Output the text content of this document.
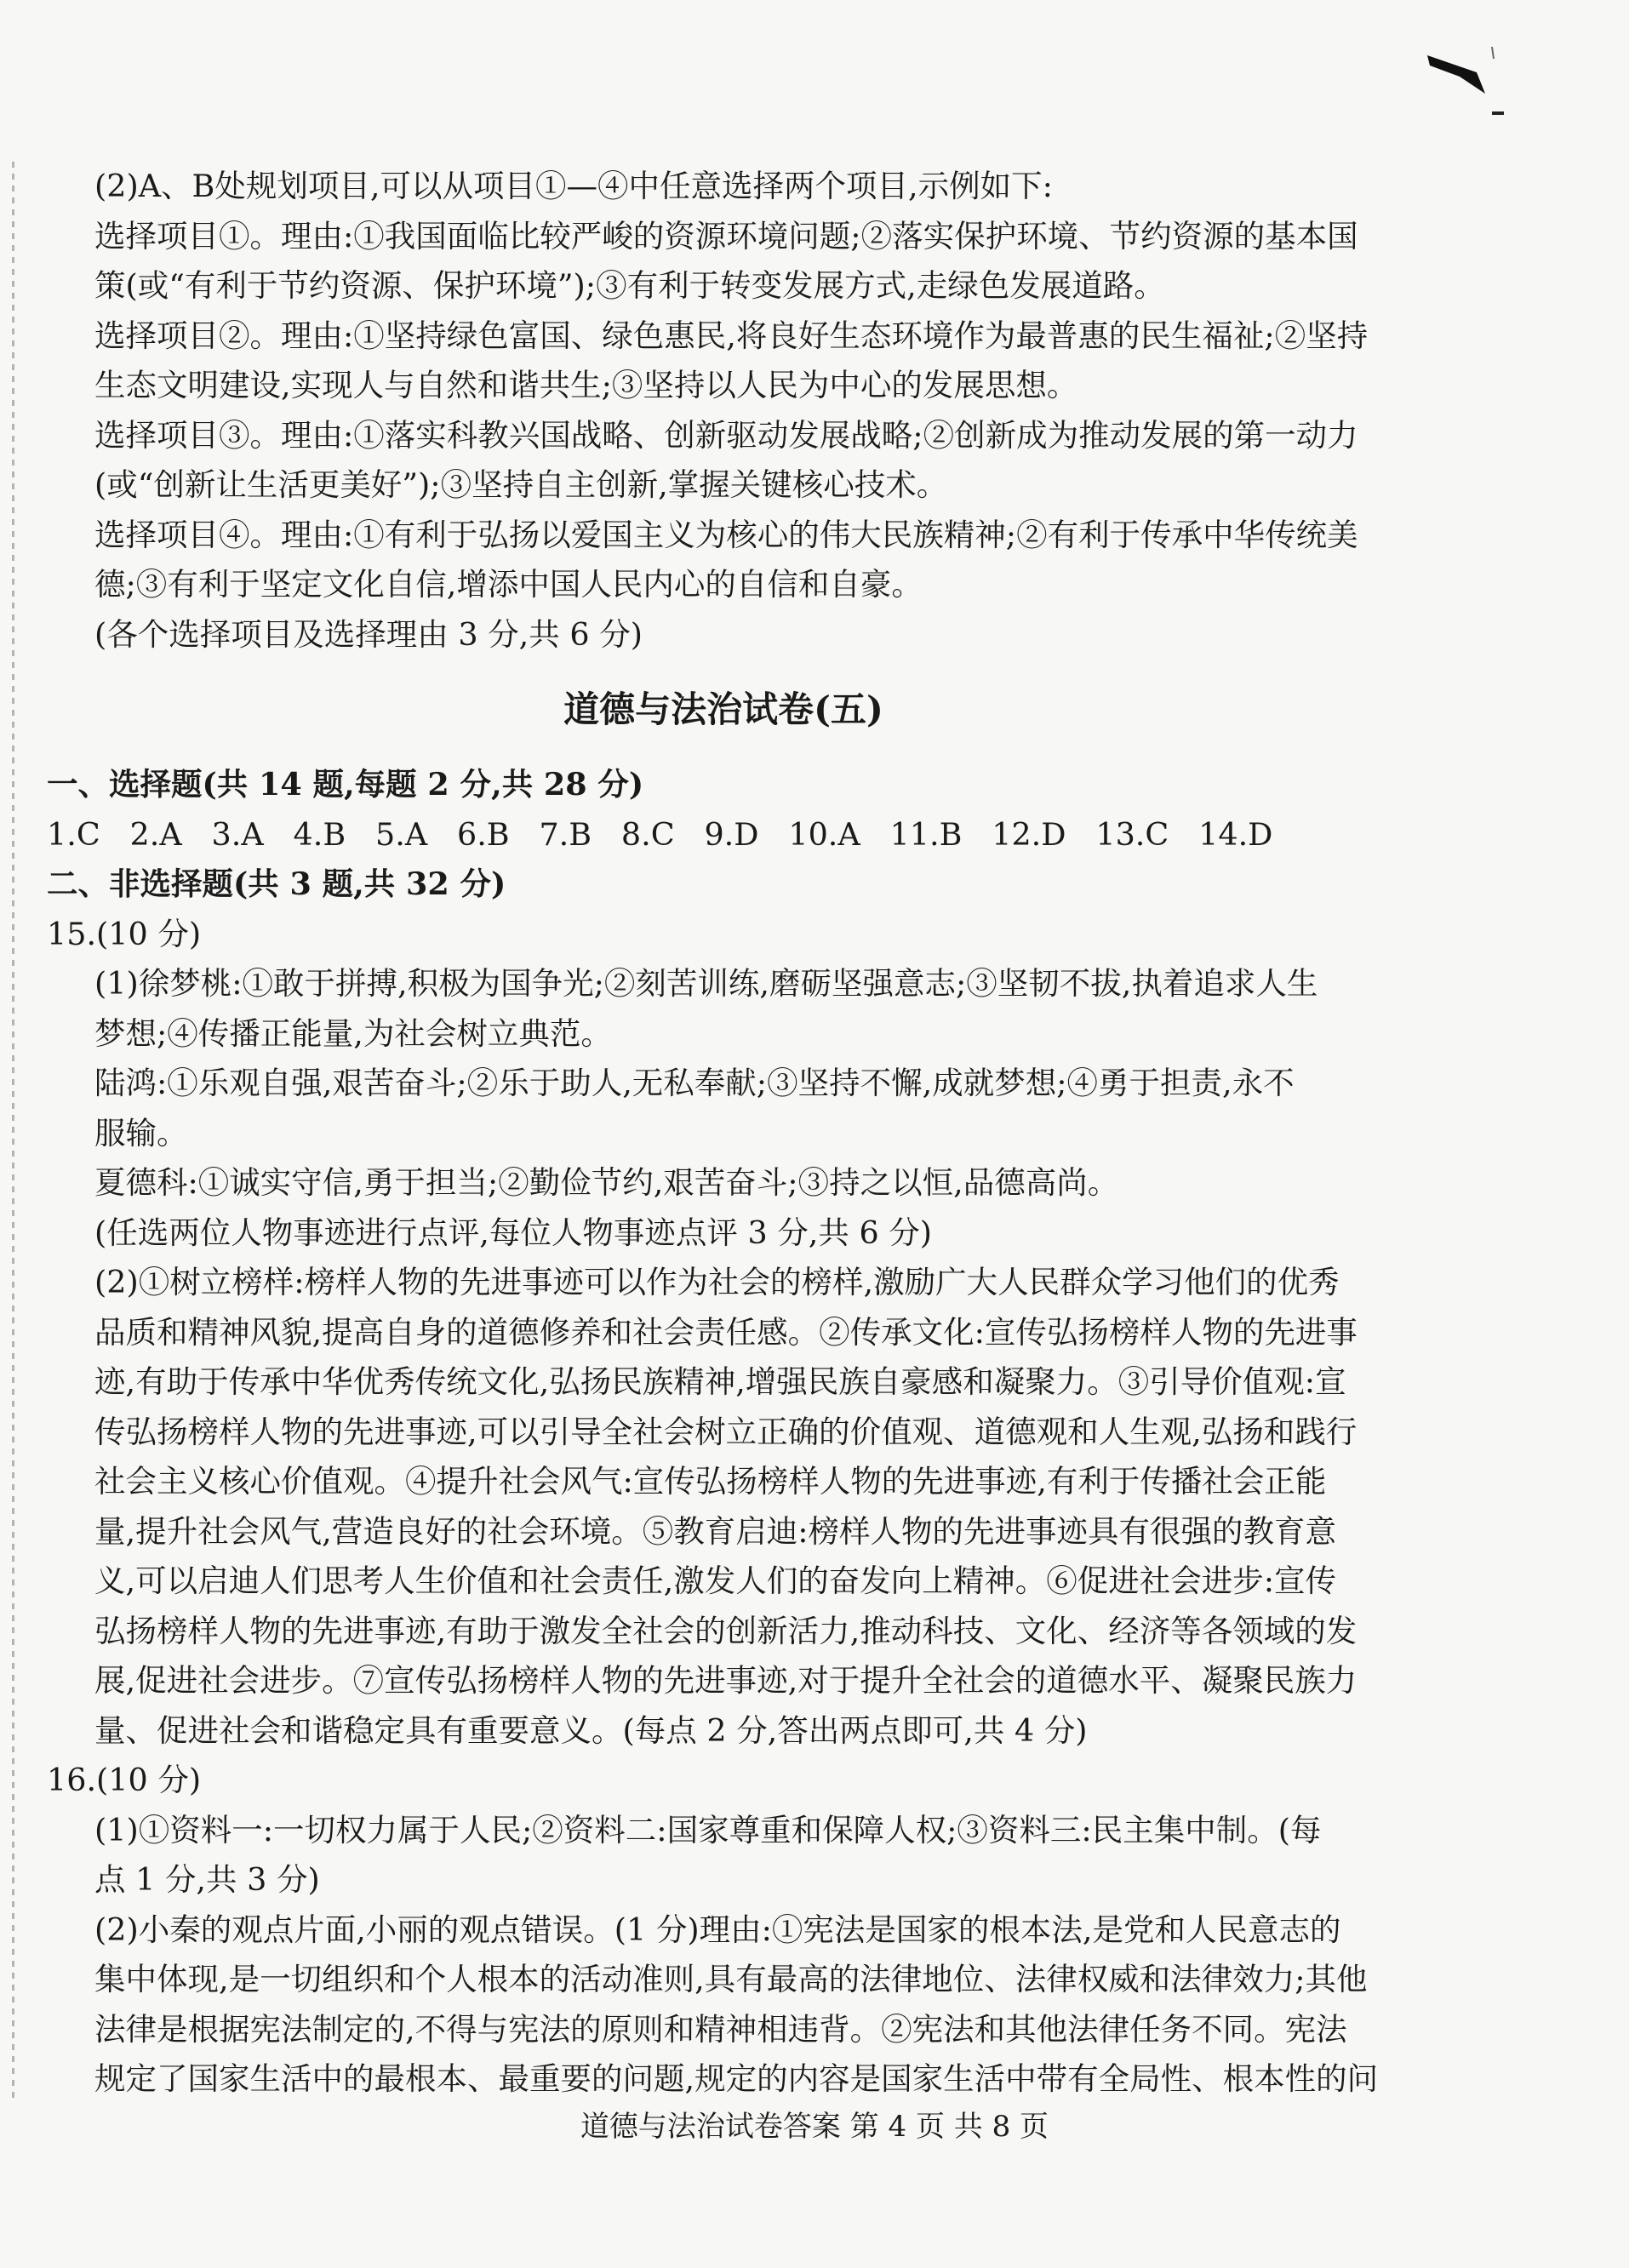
(2)A、B处规划项目,可以从项目①—④中任意选择两个项目,示例如下:

选择项目①。理由:①我国面临比较严峻的资源环境问题;②落实保护环境、节约资源的基本国

策(或“有利于节约资源、保护环境”);③有利于转变发展方式,走绿色发展道路。

选择项目②。理由:①坚持绿色富国、绿色惠民,将良好生态环境作为最普惠的民生福祉;②坚持

生态文明建设,实现人与自然和谐共生;③坚持以人民为中心的发展思想。

选择项目③。理由:①落实科教兴国战略、创新驱动发展战略;②创新成为推动发展的第一动力

(或“创新让生活更美好”);③坚持自主创新,掌握关键核心技术。

选择项目④。理由:①有利于弘扬以爱国主义为核心的伟大民族精神;②有利于传承中华传统美

德;③有利于坚定文化自信,增添中国人民内心的自信和自豪。

(各个选择项目及选择理由 3 分,共 6 分)

道德与法治试卷(五)

一、选择题(共 14 题,每题 2 分,共 28 分)

1.C   2.A   3.A   4.B   5.A   6.B   7.B   8.C   9.D   10.A   11.B   12.D   13.C   14.D

二、非选择题(共 3 题,共 32 分)

15.(10 分)

(1)徐梦桃:①敢于拼搏,积极为国争光;②刻苦训练,磨砺坚强意志;③坚韧不拔,执着追求人生

梦想;④传播正能量,为社会树立典范。

陆鸿:①乐观自强,艰苦奋斗;②乐于助人,无私奉献;③坚持不懈,成就梦想;④勇于担责,永不

服输。

夏德科:①诚实守信,勇于担当;②勤俭节约,艰苦奋斗;③持之以恒,品德高尚。

(任选两位人物事迹进行点评,每位人物事迹点评 3 分,共 6 分)

(2)①树立榜样:榜样人物的先进事迹可以作为社会的榜样,激励广大人民群众学习他们的优秀

品质和精神风貌,提高自身的道德修养和社会责任感。②传承文化:宣传弘扬榜样人物的先进事

迹,有助于传承中华优秀传统文化,弘扬民族精神,增强民族自豪感和凝聚力。③引导价值观:宣

传弘扬榜样人物的先进事迹,可以引导全社会树立正确的价值观、道德观和人生观,弘扬和践行

社会主义核心价值观。④提升社会风气:宣传弘扬榜样人物的先进事迹,有利于传播社会正能

量,提升社会风气,营造良好的社会环境。⑤教育启迪:榜样人物的先进事迹具有很强的教育意

义,可以启迪人们思考人生价值和社会责任,激发人们的奋发向上精神。⑥促进社会进步:宣传

弘扬榜样人物的先进事迹,有助于激发全社会的创新活力,推动科技、文化、经济等各领域的发

展,促进社会进步。⑦宣传弘扬榜样人物的先进事迹,对于提升全社会的道德水平、凝聚民族力

量、促进社会和谐稳定具有重要意义。(每点 2 分,答出两点即可,共 4 分)

16.(10 分)

(1)①资料一:一切权力属于人民;②资料二:国家尊重和保障人权;③资料三:民主集中制。(每

点 1 分,共 3 分)

(2)小秦的观点片面,小丽的观点错误。(1 分)理由:①宪法是国家的根本法,是党和人民意志的

集中体现,是一切组织和个人根本的活动准则,具有最高的法律地位、法律权威和法律效力;其他

法律是根据宪法制定的,不得与宪法的原则和精神相违背。②宪法和其他法律任务不同。宪法

规定了国家生活中的最根本、最重要的问题,规定的内容是国家生活中带有全局性、根本性的问

道德与法治试卷答案 第 4 页 共 8 页
